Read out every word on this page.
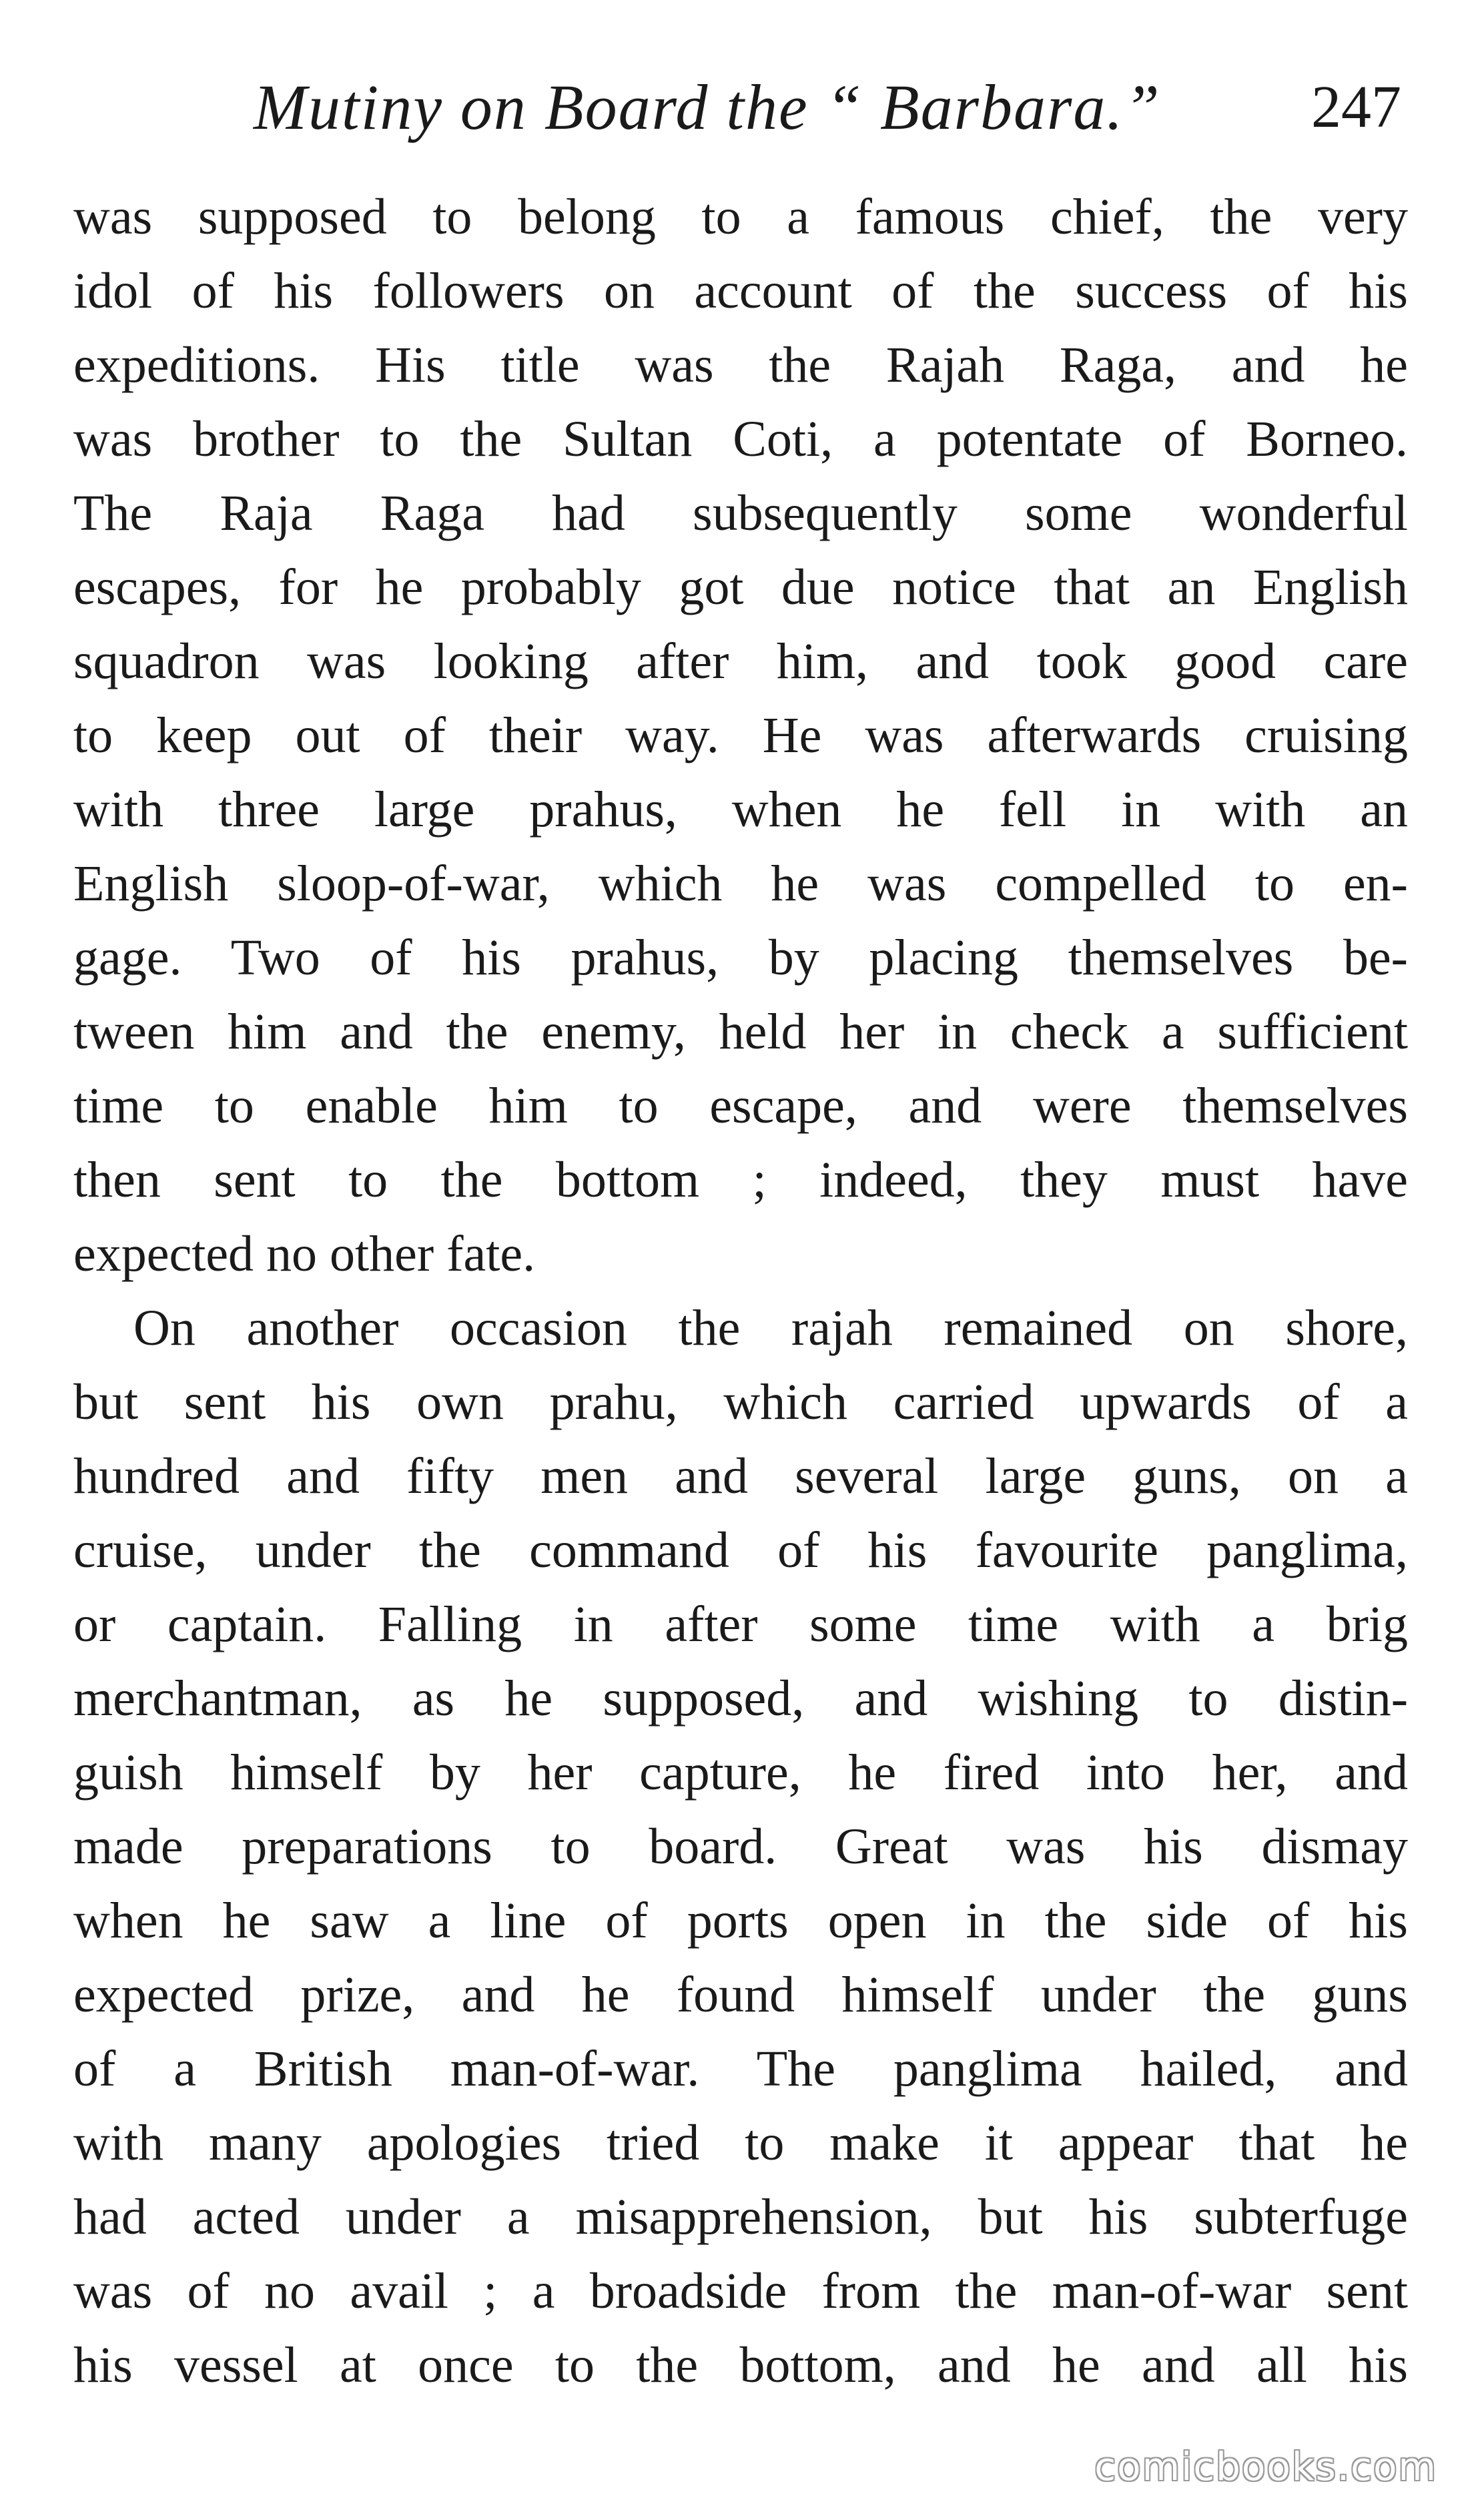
Mutiny on Board the “ Barbara.”	247
was supposed to belong to a famous chief, the very
idol of his followers on account of the success of his
expeditions. His title was the Rajah Raga, and he
was brother to the Sultan Coti, a potentate of Borneo.
The Raja Raga had subsequently some wonderful
escapes, for he probably got due notice that an English
squadron was looking after him, and took good care
to keep out of their way. He was afterwards cruising
with three large prahus, when he fell in with an
English sloop-of-war, which he was compelled to en-
gage. Two of his prahus, by placing themselves be-
tween him and the enemy, held her in check a sufficient
time to enable him to escape, and were themselves
then sent to the bottom ; indeed, they must have
expected no other fate.
On another occasion the rajah remained on shore,
but sent his own prahu, which carried upwards of a
hundred and fifty men and several large guns, on a
cruise, under the command of his favourite panglima,
or captain. Falling in after some time with a brig
merchantman, as he supposed, and wishing to distin-
guish himself by her capture, he fired into her, and
made preparations to board. Great was his dismay
when he saw a line of ports open in the side of his
expected prize, and he found himself under the guns
of a British man-of-war. The panglima hailed, and
with many apologies tried to make it appear that he
had acted under a misapprehension, but his subterfuge
was of no avail ; a broadside from the man-of-war sent
his vessel at once to the bottom, and he and all his
comicbooks.com
